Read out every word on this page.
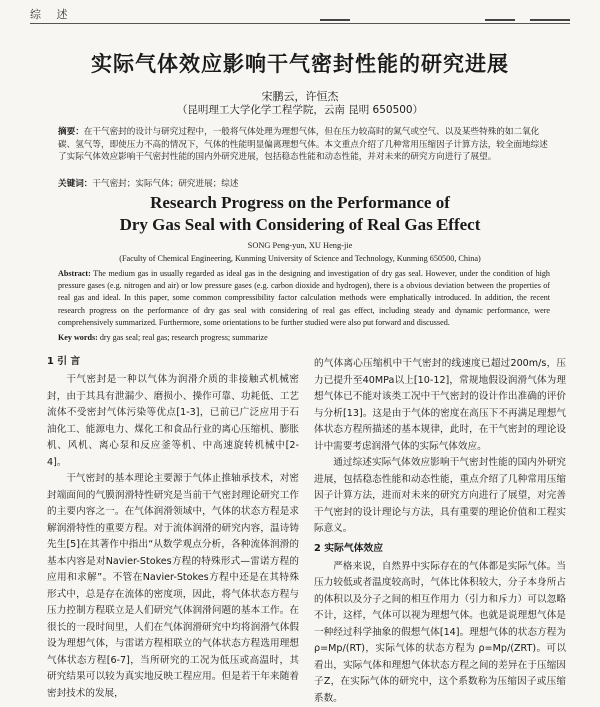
综 述
实际气体效应影响干气密封性能的研究进展
宋鹏云，许恒杰
（昆明理工大学化学工程学院，云南 昆明 650500）
摘要：在干气密封的设计与研究过程中，一般将气体处理为理想气体，但在压力较高时的氮气或空气、以及某些特殊的如二氧化碳、氢气等，即使压力不高的情况下，气体的性能明显偏离理想气体。本文重点介绍了几种常用压缩因子计算方法，较全面地综述了实际气体效应影响干气密封性能的国内外研究进展，包括稳态性能和动态性能，并对未来的研究方向进行了展望。
关键词：干气密封；实际气体；研究进展；综述
Research Progress on the Performance of
Dry Gas Seal with Considering of Real Gas Effect
SONG Peng-yun, XU Heng-jie
(Faculty of Chemical Engineering, Kunming University of Science and Technology, Kunming 650500, China)
Abstract: The medium gas in usually regarded as ideal gas in the designing and investigation of dry gas seal. However, under the condition of high pressure gases (e.g. nitrogen and air) or low pressure gases (e.g. carbon dioxide and hydrogen), there is a obvious deviation between the properties of real gas and ideal. In this paper, some common compressibility factor calculation methods were emphatically introduced. In addition, the recent research progress on the performance of dry gas seal with considering of real gas effect, including steady and dynamic performance, were comprehensively summarized. Furthermore, some orientations to be further studied were also put forward and discussed.
Key words: dry gas seal; real gas; research progress; summarize
1 引 言

干气密封是一种以气体为润滑介质的非接触式机械密封，由于其具有泄漏少、磨损小、操作可靠、功耗低、工艺流体不受密封气体污染等优点[1-3]，已前已广泛应用于石油化工、能源电力、煤化工和食品行业的离心压缩机、膨胀机、风机、离心泵和反应釜等机、中高速旋转机械中[2-4]。

干气密封的基本理论主要源于气体止推轴承技术，对密封端面间的气膜润滑特性研究是当前干气密封理论研究工作的主要内容之一。在气体润滑领域中，气体的状态方程是求解润滑特性的重要方程。对于流体润滑的研究内容，温诗铸先生[5]在其著作中指出“从数学观点分析，各种流体润滑的基本内容是对Navier-Stokes方程的特殊形式—雷诺方程的应用和求解”。不管在Navier-Stokes方程中还是在其特殊形式中，总是存在流体的密度项，因此，将气体状态方程与压力控制方程联立是人们研究气体润滑问题的基本工作。在很长的一段时间里，人们在气体润滑研究中均将润滑气体假设为理想气体，与雷诺方程相联立的气体状态方程选用理想气体状态方程[6-7]，当所研究的工况为低压或高温时，其研究结果可以较为真实地反映工程应用。但是若干年来随着密封技术的发展，

的气体离心压缩机中干气密封的线速度已超过200m/s，压力已提升至40MPa以上[10-12]，常规地假设润滑气体为理想气体已不能对该类工况中干气密封的设计作出准确的评价与分析[13]。这是由于气体的密度在高压下不再满足理想气体状态方程所描述的基本规律，此时，在干气密封的理论设计中需要考虑润滑气体的实际气体效应。

通过综述实际气体效应影响干气密封性能的国内外研究进展，包括稳态性能和动态性能，重点介绍了几种常用压缩因子计算方法，进而对未来的研究方向进行了展望，对完善干气密封的设计理论与方法，具有重要的理论价值和工程实际意义。

2 实际气体效应

严格来说，自然界中实际存在的气体都是实际气体。当压力较低或者温度较高时，气体比体积较大，分子本身所占的体积以及分子之间的相互作用力（引力和斥力）可以忽略不计，这样，气体可以视为理想气体。也就是说理想气体是一种经过科学抽象的假想气体[14]。理想气体的状态方程为 ρ=Mp/(RT)，实际气体的状态方程为 ρ=Mp/(ZRT)。可以看出，实际气体和理想气体状态方程之间的差异在于压缩因子Z，在实际气体的研究中，这个系数称为压缩因子或压缩系数。
